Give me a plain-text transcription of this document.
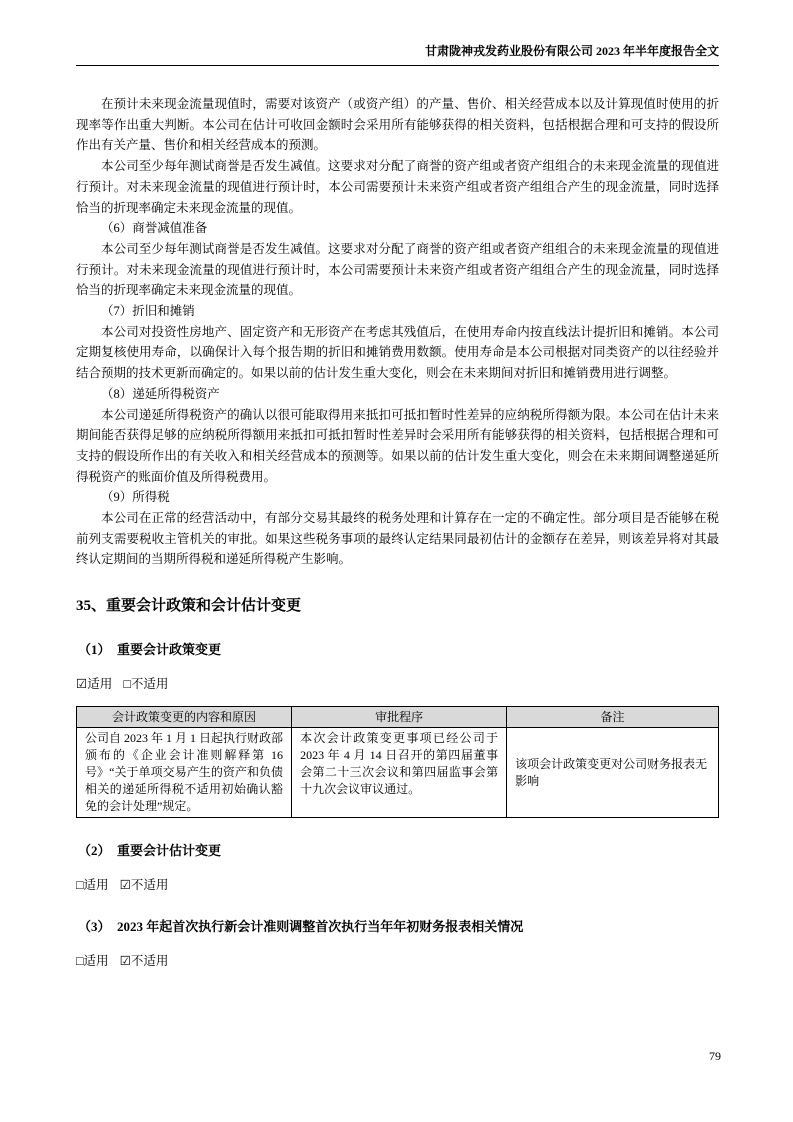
甘肃陇神戎发药业股份有限公司 2023 年半年度报告全文

在预计未来现金流量现值时，需要对该资产（或资产组）的产量、售价、相关经营成本以及计算现值时使用的折现率等作出重大判断。本公司在估计可收回金额时会采用所有能够获得的相关资料，包括根据合理和可支持的假设所作出有关产量、售价和相关经营成本的预测。

本公司至少每年测试商誉是否发生减值。这要求对分配了商誉的资产组或者资产组组合的未来现金流量的现值进行预计。对未来现金流量的现值进行预计时，本公司需要预计未来资产组或者资产组组合产生的现金流量，同时选择恰当的折现率确定未来现金流量的现值。

（6）商誉减值准备

本公司至少每年测试商誉是否发生减值。这要求对分配了商誉的资产组或者资产组组合的未来现金流量的现值进行预计。对未来现金流量的现值进行预计时，本公司需要预计未来资产组或者资产组组合产生的现金流量，同时选择恰当的折现率确定未来现金流量的现值。

（7）折旧和摊销

本公司对投资性房地产、固定资产和无形资产在考虑其残值后，在使用寿命内按直线法计提折旧和摊销。本公司定期复核使用寿命，以确保计入每个报告期的折旧和摊销费用数额。使用寿命是本公司根据对同类资产的以往经验并结合预期的技术更新而确定的。如果以前的估计发生重大变化，则会在未来期间对折旧和摊销费用进行调整。

（8）递延所得税资产

本公司递延所得税资产的确认以很可能取得用来抵扣可抵扣暂时性差异的应纳税所得额为限。本公司在估计未来期间能否获得足够的应纳税所得额用来抵扣可抵扣暂时性差异时会采用所有能够获得的相关资料，包括根据合理和可支持的假设所作出的有关收入和相关经营成本的预测等。如果以前的估计发生重大变化，则会在未来期间调整递延所得税资产的账面价值及所得税费用。

（9）所得税

本公司在正常的经营活动中，有部分交易其最终的税务处理和计算存在一定的不确定性。部分项目是否能够在税前列支需要税收主管机关的审批。如果这些税务事项的最终认定结果同最初估计的金额存在差异，则该差异将对其最终认定期间的当期所得税和递延所得税产生影响。

35、重要会计政策和会计估计变更
（1）　重要会计政策变更

☑适用 □不适用

会计政策变更的内容和原因	审批程序	备注
公司自 2023 年 1 月 1 日起执行财政部颁布的《企业会计准则解释第 16 号》“关于单项交易产生的资产和负债相关的递延所得税不适用初始确认豁免的会计处理”规定。	本次会计政策变更事项已经公司于 2023 年 4 月 14 日召开的第四届董事会第二十三次会议和第四届监事会第十九次会议审议通过。	该项会计政策变更对公司财务报表无影响
（2）　重要会计估计变更

□适用 ☑不适用

（3）　2023 年起首次执行新会计准则调整首次执行当年年初财务报表相关情况

□适用 ☑不适用

79
